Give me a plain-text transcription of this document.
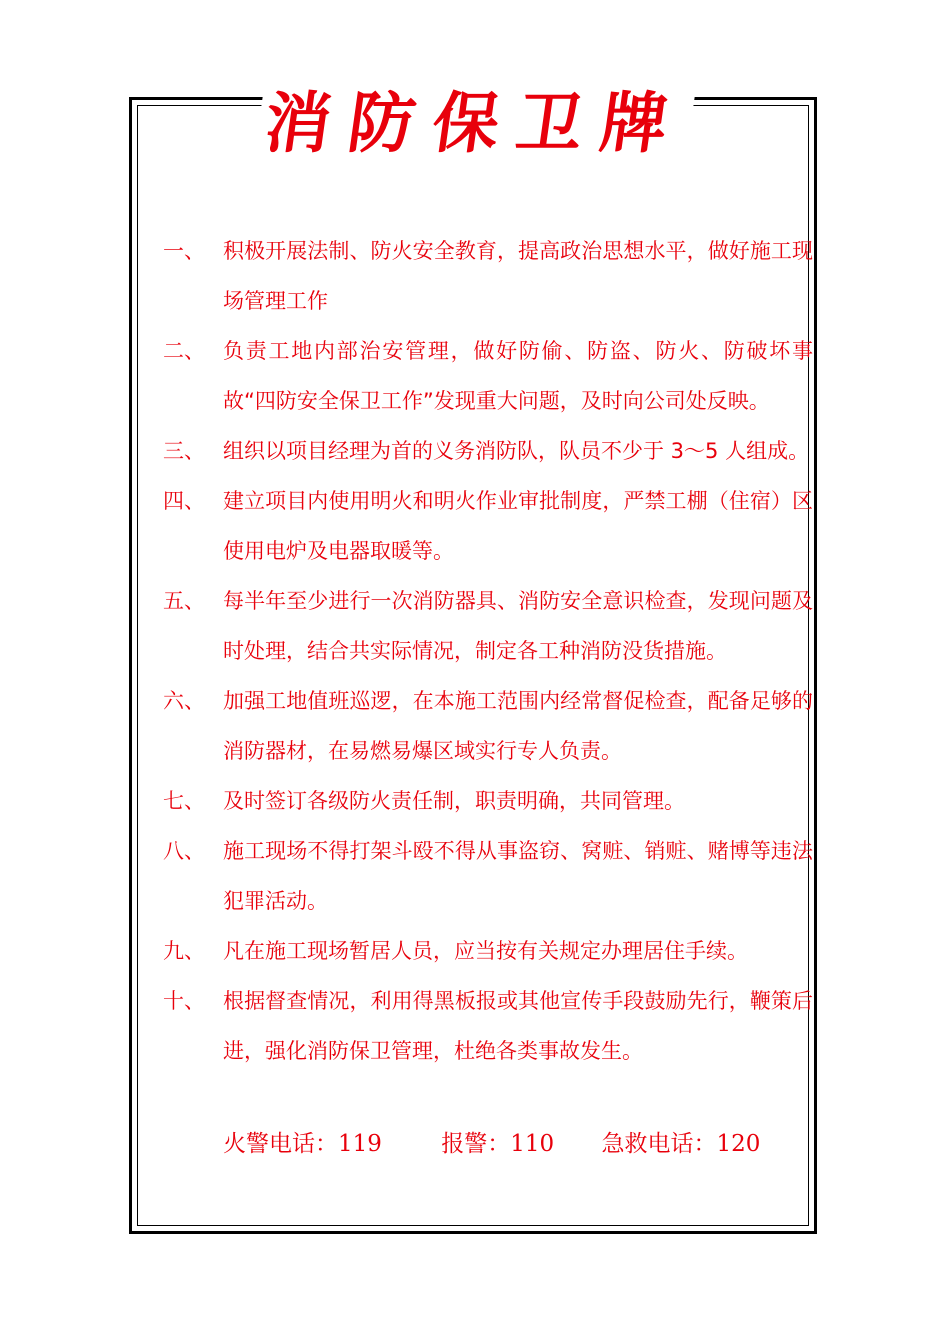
消防保卫牌
一、 积极开展法制、防火安全教育，提高政治思想水平，做好施工现场管理工作
二、 负责工地内部治安管理，做好防偷、防盗、防火、防破坏事故“四防安全保卫工作”发现重大问题，及时向公司处反映。
三、 组织以项目经理为首的义务消防队，队员不少于 3～5 人组成。
四、 建立项目内使用明火和明火作业审批制度，严禁工棚（住宿）区使用电炉及电器取暖等。
五、 每半年至少进行一次消防器具、消防安全意识检查，发现问题及时处理，结合共实际情况，制定各工种消防没货措施。
六、 加强工地值班巡逻，在本施工范围内经常督促检查，配备足够的消防器材，在易燃易爆区域实行专人负责。
七、 及时签订各级防火责任制，职责明确，共同管理。
八、 施工现场不得打架斗殴不得从事盗窃、窝赃、销赃、赌博等违法犯罪活动。
九、 凡在施工现场暂居人员，应当按有关规定办理居住手续。
十、 根据督查情况，利用得黑板报或其他宣传手段鼓励先行，鞭策后进，强化消防保卫管理，杜绝各类事故发生。
火警电话：119	报警：110 急救电话：120
